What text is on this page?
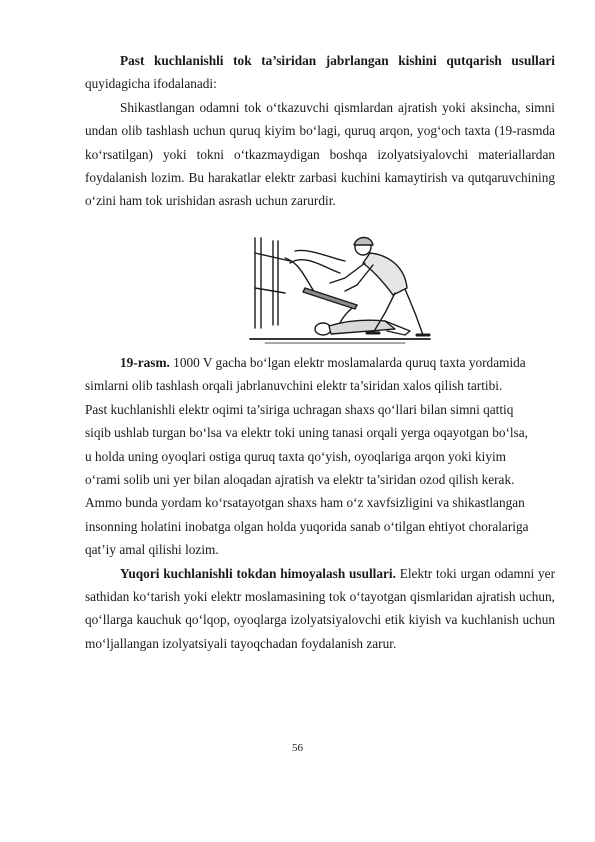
Past kuchlanishli tok ta’siridan jabrlangan kishini qutqarish usullari quyidagicha ifodalanadi:

Shikastlangan odamni tok o‘tkazuvchi qismlardan ajratish yoki aksincha, simni undan olib tashlash uchun quruq kiyim bo‘lagi, quruq arqon, yog‘och taxta (19-rasmda ko‘rsatilgan) yoki tokni o‘tkazmaydigan boshqa izolyatsiyalovchi materiallardan foydalanish lozim. Bu harakatlar elektr zarbasi kuchini kamaytirish va qutqaruvchining o‘zini ham tok urishidan asrash uchun zarurdir.

19-rasm. 1000 V gacha bo‘lgan elektr moslamalarda quruq taxta yordamida

simlarni olib tashlash orqali jabrlanuvchini elektr ta’siridan xalos qilish tartibi.

Past kuchlanishli elektr oqimi ta’siriga uchragan shaxs qo‘llari bilan simni qattiq

siqib ushlab turgan bo‘lsa va elektr toki uning tanasi orqali yerga oqayotgan bo‘lsa,

u holda uning oyoqlari ostiga quruq taxta qo‘yish, oyoqlariga arqon yoki kiyim

o‘rami solib uni yer bilan aloqadan ajratish va elektr ta’siridan ozod qilish kerak.

Ammo bunda yordam ko‘rsatayotgan shaxs ham o‘z xavfsizligini va shikastlangan

insonning holatini inobatga olgan holda yuqorida sanab o‘tilgan ehtiyot choralariga

qat’iy amal qilishi lozim.

Yuqori kuchlanishli tokdan himoyalash usullari. Elektr toki urgan odamni yer sathidan ko‘tarish yoki elektr moslamasining tok o‘tayotgan qismlaridan ajratish uchun, qo‘llarga kauchuk qo‘lqop, oyoqlarga izolyatsiyalovchi etik kiyish va kuchlanish uchun mo‘ljallangan izolyatsiyali tayoqchadan foydalanish zarur.

56
